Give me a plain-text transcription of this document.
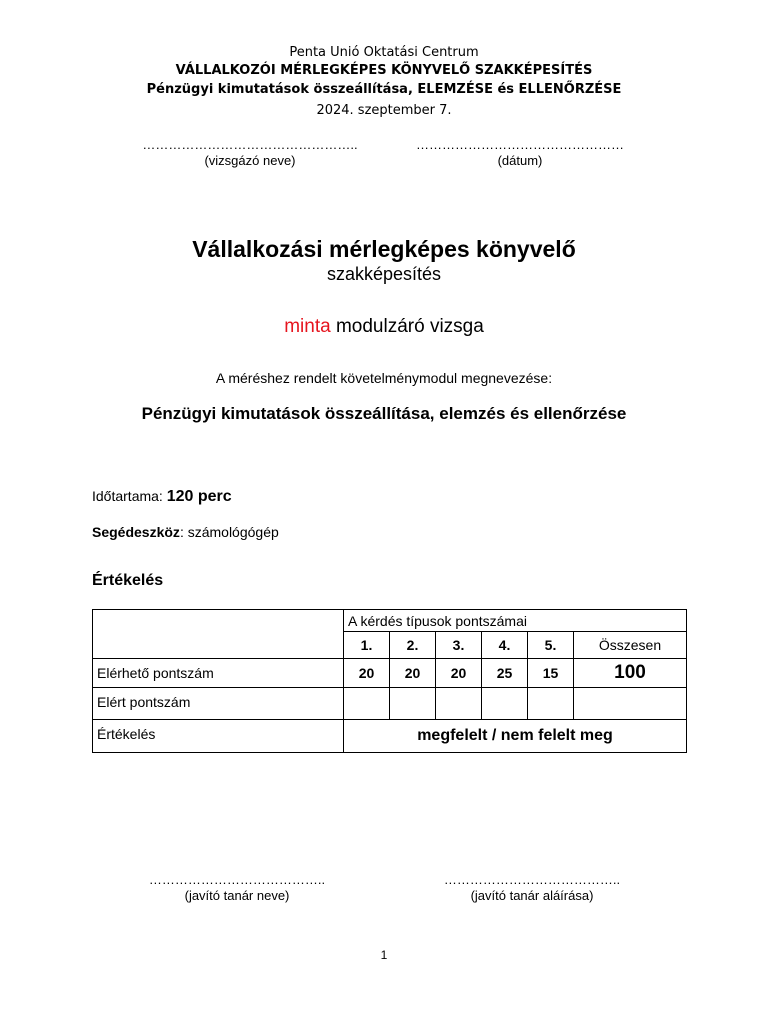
Penta Unió Oktatási Centrum
VÁLLALKOZÓI MÉRLEGKÉPES KÖNYVELŐ SZAKKÉPESÍTÉS
Pénzügyi kimutatások összeállítása, ELEMZÉSE és ELLENŐRZÉSE
2024. szeptember 7.
…………………………………………..
(vizsgázó neve)
…………………………………………
(dátum)
Vállalkozási mérlegképes könyvelő
szakképesítés
minta modulzáró vizsga
A méréshez rendelt követelménymodul megnevezése:
Pénzügyi kimutatások összeállítása, elemzés és ellenőrzése
Időtartama: 120 perc
Segédeszköz: számológógép
Értékelés
	A kérdés típusok pontszámai					
	1.	2.	3.	4.	5.	Összesen
Elérhető pontszám	20	20	20	25	15	100
Elért pontszám						
Értékelés	megfelelt / nem felelt meg					
…………………………………..
(javító tanár neve)
…………………………………..
(javító tanár aláírása)
1
